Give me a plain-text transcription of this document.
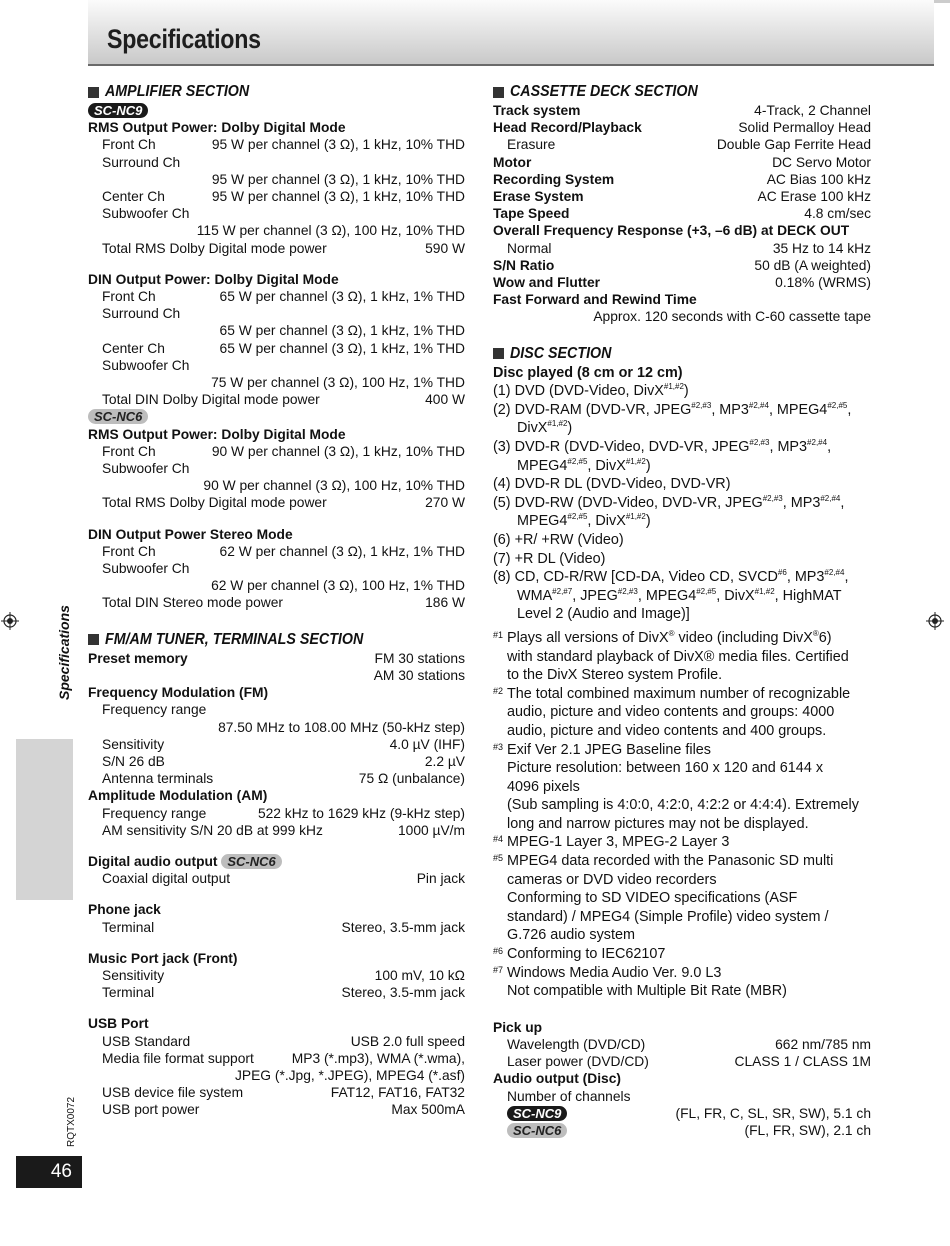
Specifications
AMPLIFIER SECTION
SC-NC9
RMS Output Power: Dolby Digital Mode
Front Ch	95 W per channel (3 Ω), 1 kHz, 10% THD
Surround Ch
95 W per channel (3 Ω), 1 kHz, 10% THD
Center Ch	95 W per channel (3 Ω), 1 kHz, 10% THD
Subwoofer Ch
115 W per channel (3 Ω), 100 Hz, 10% THD
Total RMS Dolby Digital mode power	590 W
DIN Output Power: Dolby Digital Mode
Front Ch	65 W per channel (3 Ω), 1 kHz, 1% THD
Surround Ch
65 W per channel (3 Ω), 1 kHz, 1% THD
Center Ch	65 W per channel (3 Ω), 1 kHz, 1% THD
Subwoofer Ch
75 W per channel (3 Ω), 100 Hz, 1% THD
Total DIN Dolby Digital mode power	400 W
SC-NC6
RMS Output Power: Dolby Digital Mode
Front Ch	90 W per channel (3 Ω), 1 kHz, 10% THD
Subwoofer Ch
90 W per channel (3 Ω), 100 Hz, 10% THD
Total RMS Dolby Digital mode power	270 W
DIN Output Power Stereo Mode
Front Ch	62 W per channel (3 Ω), 1 kHz, 1% THD
Subwoofer Ch
62 W per channel (3 Ω), 100 Hz, 1% THD
Total DIN Stereo mode power	186 W
FM/AM TUNER, TERMINALS SECTION
Preset memory	FM 30 stations
AM 30 stations
Frequency Modulation (FM)
Frequency range
87.50 MHz to 108.00 MHz (50-kHz step)
Sensitivity	4.0 µV (IHF)
S/N 26 dB	2.2 µV
Antenna terminals	75 Ω (unbalance)
Amplitude Modulation (AM)
Frequency range	522 kHz to 1629 kHz (9-kHz step)
AM sensitivity S/N 20 dB at 999 kHz	1000 µV/m
Digital audio output SC-NC6
Coaxial digital output	Pin jack
Phone jack
Terminal	Stereo, 3.5-mm jack
Music Port jack (Front)
Sensitivity	100 mV, 10 kΩ
Terminal	Stereo, 3.5-mm jack
USB Port
USB Standard	USB 2.0 full speed
Media file format support	MP3 (*.mp3), WMA (*.wma),
JPEG (*.Jpg, *.JPEG), MPEG4 (*.asf)
USB device file system	FAT12, FAT16, FAT32
USB port power	Max 500mA
CASSETTE DECK SECTION
Track system	4-Track, 2 Channel
Head Record/Playback	Solid Permalloy Head
Erasure	Double Gap Ferrite Head
Motor	DC Servo Motor
Recording System	AC Bias 100 kHz
Erase System	AC Erase 100 kHz
Tape Speed	4.8 cm/sec
Overall Frequency Response (+3, –6 dB) at DECK OUT
Normal	35 Hz to 14 kHz
S/N Ratio	50 dB (A weighted)
Wow and Flutter	0.18% (WRMS)
Fast Forward and Rewind Time
Approx. 120 seconds with C-60 cassette tape
DISC SECTION
Disc played (8 cm or 12 cm)
(1) DVD (DVD-Video, DivX$^{\#1,\#2}$)
(2) DVD-RAM (DVD-VR, $JPEG^{\#2,\#3}$, $MP3^{\#2,\#4}$, $MPEG4^{\#2,\#5}$,
DivX$^{\#1,\#2}$)
(3) DVD-R (DVD-Video, DVD-VR, $JPEG^{\#2,\#3}$, $MP3^{\#2,\#4}$,
$MPEG4^{\#2,\#5}$, DivX$^{\#1,\#2}$)
(4) DVD-R DL (DVD-Video, DVD-VR)
(5) DVD-RW (DVD-Video, DVD-VR, $JPEG^{\#2,\#3}$, $MP3^{\#2,\#4}$,
$MPEG4^{\#2,\#5}$, DivX$^{\#1,\#2}$)
(6) +R/ +RW (Video)
(7) +R DL (Video)
(8) CD, CD-R/RW [CD-DA, Video CD, SVCD$^{\#6}$, $MP3^{\#2,\#4}$,
$WMA^{\#2,\#7}$, $JPEG^{\#2,\#3}$, $MPEG4^{\#2,\#5}$, DivX$^{\#1,\#2}$, HighMAT
Level 2 (Audio and Image)]
#1 Plays all versions of DivX® video (including DivX®6)
with standard playback of DivX® media files. Certified
to the DivX Stereo system Profile.
#2 The total combined maximum number of recognizable
audio, picture and video contents and groups: 4000
audio, picture and video contents and 400 groups.
#3 Exif Ver 2.1 JPEG Baseline files
Picture resolution: between 160 x 120 and 6144 x
4096 pixels
(Sub sampling is 4:0:0, 4:2:0, 4:2:2 or 4:4:4). Extremely
long and narrow pictures may not be displayed.
#4 MPEG-1 Layer 3, MPEG-2 Layer 3
#5 MPEG4 data recorded with the Panasonic SD multi
cameras or DVD video recorders
Conforming to SD VIDEO specifications (ASF
standard) / MPEG4 (Simple Profile) video system /
G.726 audio system
#6 Conforming to IEC62107
#7 Windows Media Audio Ver. 9.0 L3
Not compatible with Multiple Bit Rate (MBR)
Pick up
Wavelength (DVD/CD)	662 nm/785 nm
Laser power (DVD/CD)	CLASS 1 / CLASS 1M
Audio output (Disc)
Number of channels
SC-NC9	(FL, FR, C, SL, SR, SW), 5.1 ch
SC-NC6	(FL, FR, SW), 2.1 ch
Specifications
RQTX0072
46
